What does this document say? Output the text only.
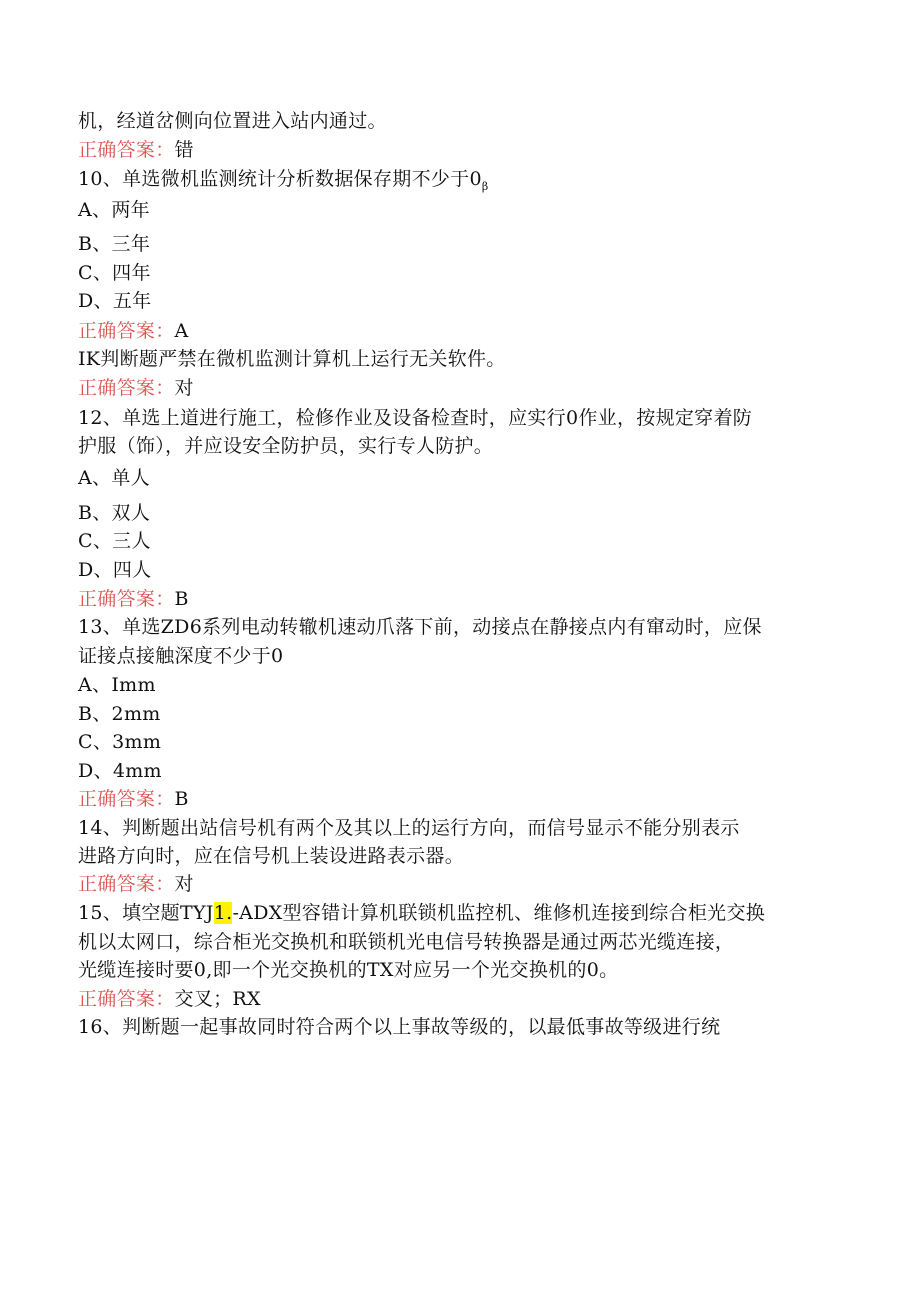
机，经道岔侧向位置进入站内通过。
正确答案：错
10、单选微机监测统计分析数据保存期不少于$0_\beta$
A、两年
B、三年
C、四年
D、五年
正确答案：A
IK判断题严禁在微机监测计算机上运行无关软件。
正确答案：对
12、单选上道进行施工，检修作业及设备检查时，应实行0作业，按规定穿着防
护服（饰），并应设安全防护员，实行专人防护。
A、单人
B、双人
C、三人
D、四人
正确答案：B
13、单选ZD6系列电动转辙机速动爪落下前，动接点在静接点内有窜动时，应保
证接点接触深度不少于0
A、Imm
B、2mm
C、3mm
D、4mm
正确答案：B
14、判断题出站信号机有两个及其以上的运行方向，而信号显示不能分别表示
进路方向时，应在信号机上装设进路表示器。
正确答案：对
15、填空题TYJ1.-ADX型容错计算机联锁机监控机、维修机连接到综合柜光交换
机以太网口，综合柜光交换机和联锁机光电信号转换器是通过两芯光缆连接，
光缆连接时要0,即一个光交换机的TX对应另一个光交换机的0。
正确答案：交叉；RX
16、判断题一起事故同时符合两个以上事故等级的，以最低事故等级进行统
